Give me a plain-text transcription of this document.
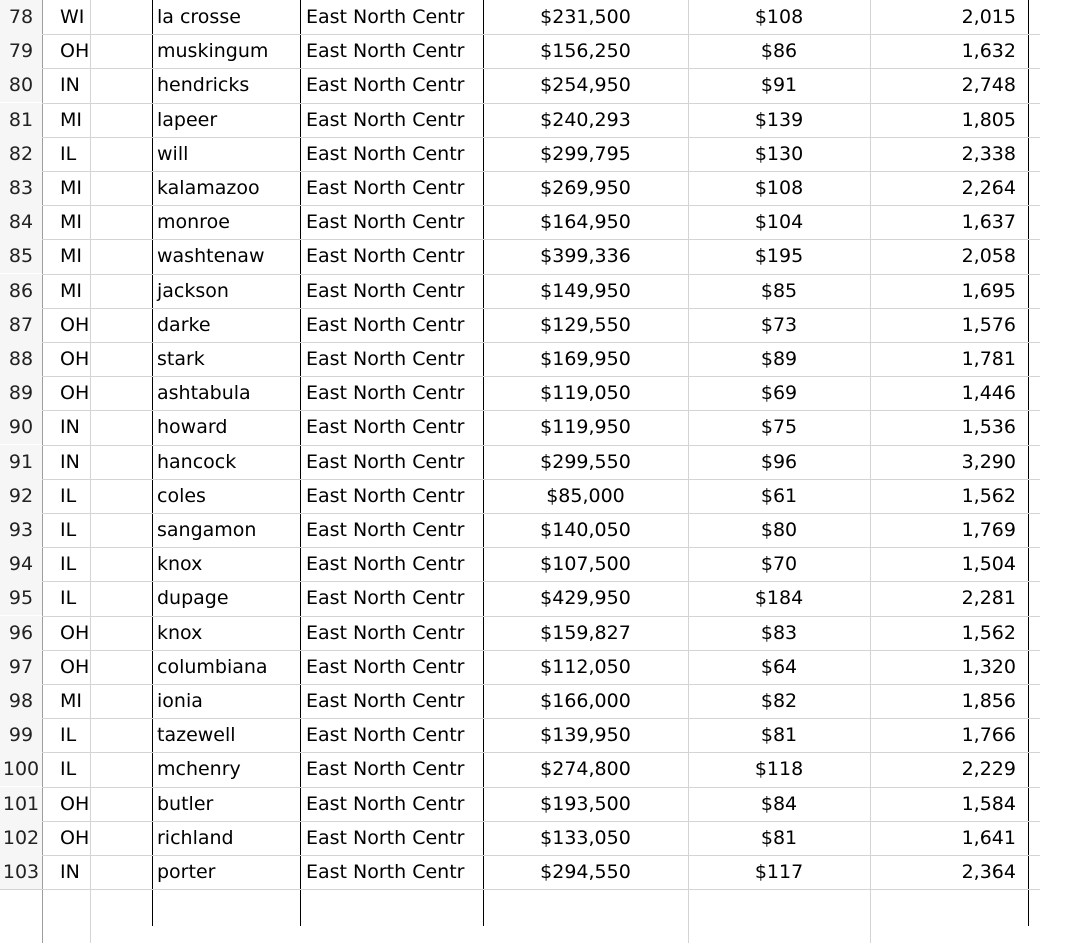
78	WI	la crosse	East North Centr	$231,500	$108	2,015
79	OH	muskingum	East North Centr	$156,250	$86	1,632
80	IN	hendricks	East North Centr	$254,950	$91	2,748
81	MI	lapeer	East North Centr	$240,293	$139	1,805
82	IL	will	East North Centr	$299,795	$130	2,338
83	MI	kalamazoo	East North Centr	$269,950	$108	2,264
84	MI	monroe	East North Centr	$164,950	$104	1,637
85	MI	washtenaw	East North Centr	$399,336	$195	2,058
86	MI	jackson	East North Centr	$149,950	$85	1,695
87	OH	darke	East North Centr	$129,550	$73	1,576
88	OH	stark	East North Centr	$169,950	$89	1,781
89	OH	ashtabula	East North Centr	$119,050	$69	1,446
90	IN	howard	East North Centr	$119,950	$75	1,536
91	IN	hancock	East North Centr	$299,550	$96	3,290
92	IL	coles	East North Centr	$85,000	$61	1,562
93	IL	sangamon	East North Centr	$140,050	$80	1,769
94	IL	knox	East North Centr	$107,500	$70	1,504
95	IL	dupage	East North Centr	$429,950	$184	2,281
96	OH	knox	East North Centr	$159,827	$83	1,562
97	OH	columbiana	East North Centr	$112,050	$64	1,320
98	MI	ionia	East North Centr	$166,000	$82	1,856
99	IL	tazewell	East North Centr	$139,950	$81	1,766
100	IL	mchenry	East North Centr	$274,800	$118	2,229
101	OH	butler	East North Centr	$193,500	$84	1,584
102	OH	richland	East North Centr	$133,050	$81	1,641
103	IN	porter	East North Centr	$294,550	$117	2,364
